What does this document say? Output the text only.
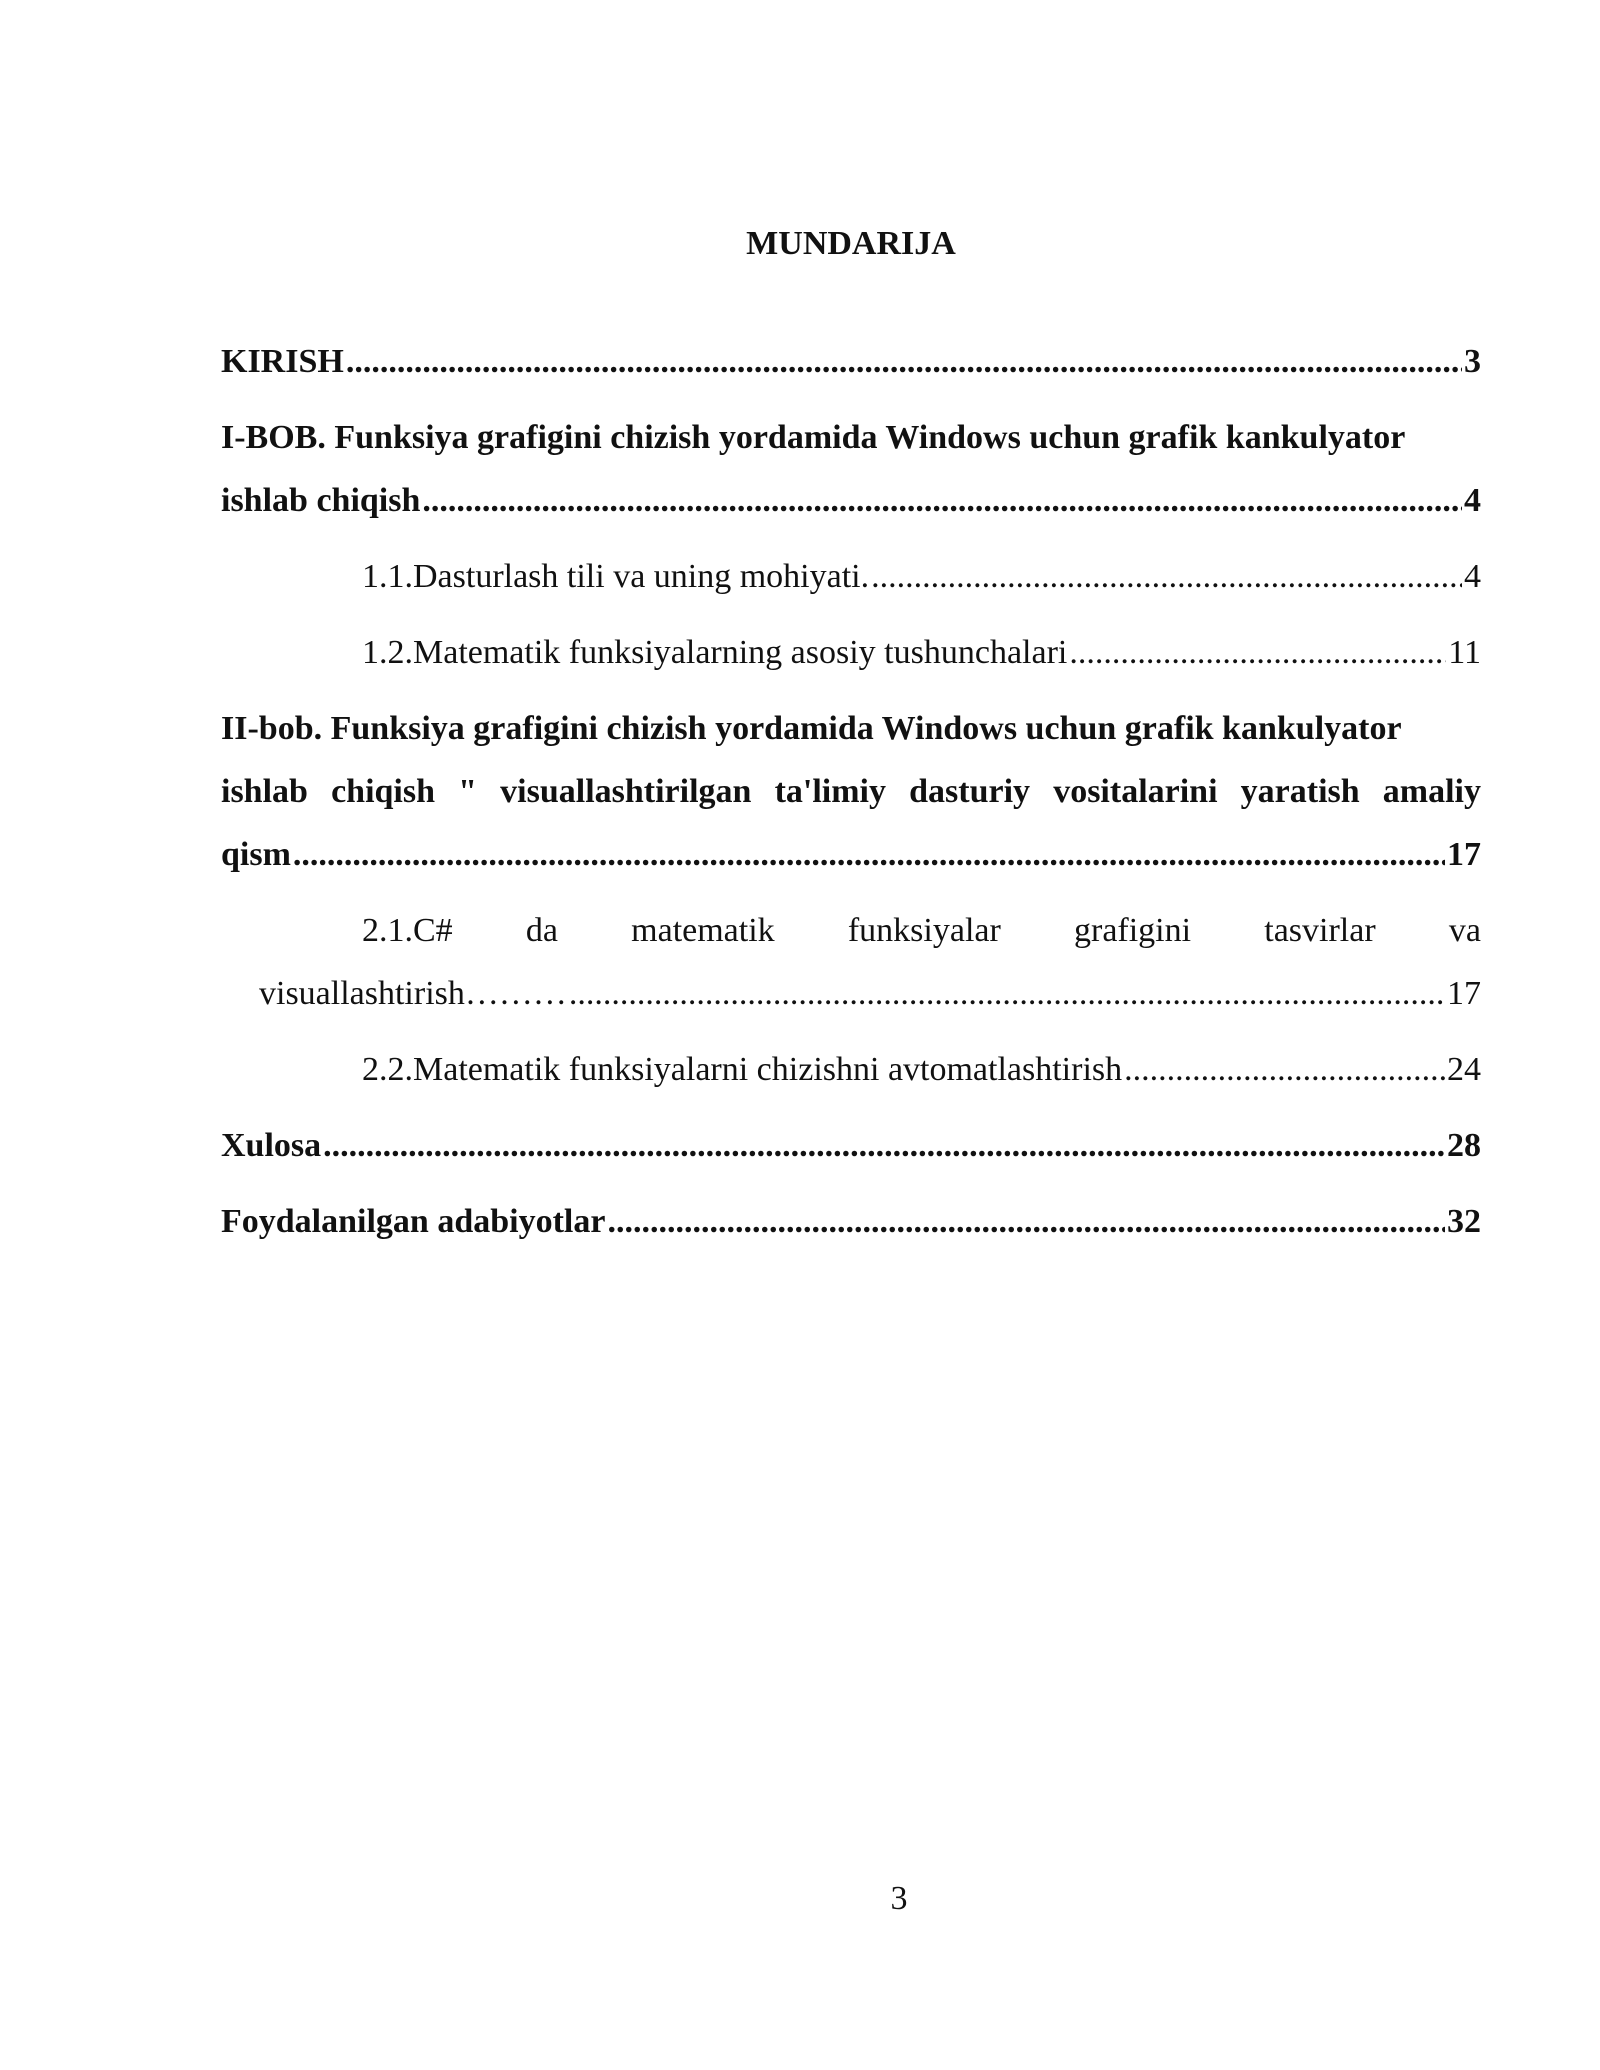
MUNDARIJA
KIRISH .....	3
I-BOB. Funksiya grafigini chizish yordamida Windows uchun grafik kankulyator
ishlab chiqish .....	4
1.1.Dasturlash tili va uning mohiyati. .....	4
1.2.Matematik funksiyalarning asosiy tushunchalari .....	11
II-bob. Funksiya grafigini chizish yordamida Windows uchun grafik kankulyator
ishlab chiqish " visuallashtirilgan ta'limiy dasturiy vositalarini yaratish amaliy
qism .....	17
2.1.C# da matematik funksiyalar grafigini tasvirlar va
visuallashtirish……… .....	17
2.2.Matematik funksiyalarni chizishni avtomatlashtirish .....	24
Xulosa .....	28
Foydalanilgan adabiyotlar .....	32
3
